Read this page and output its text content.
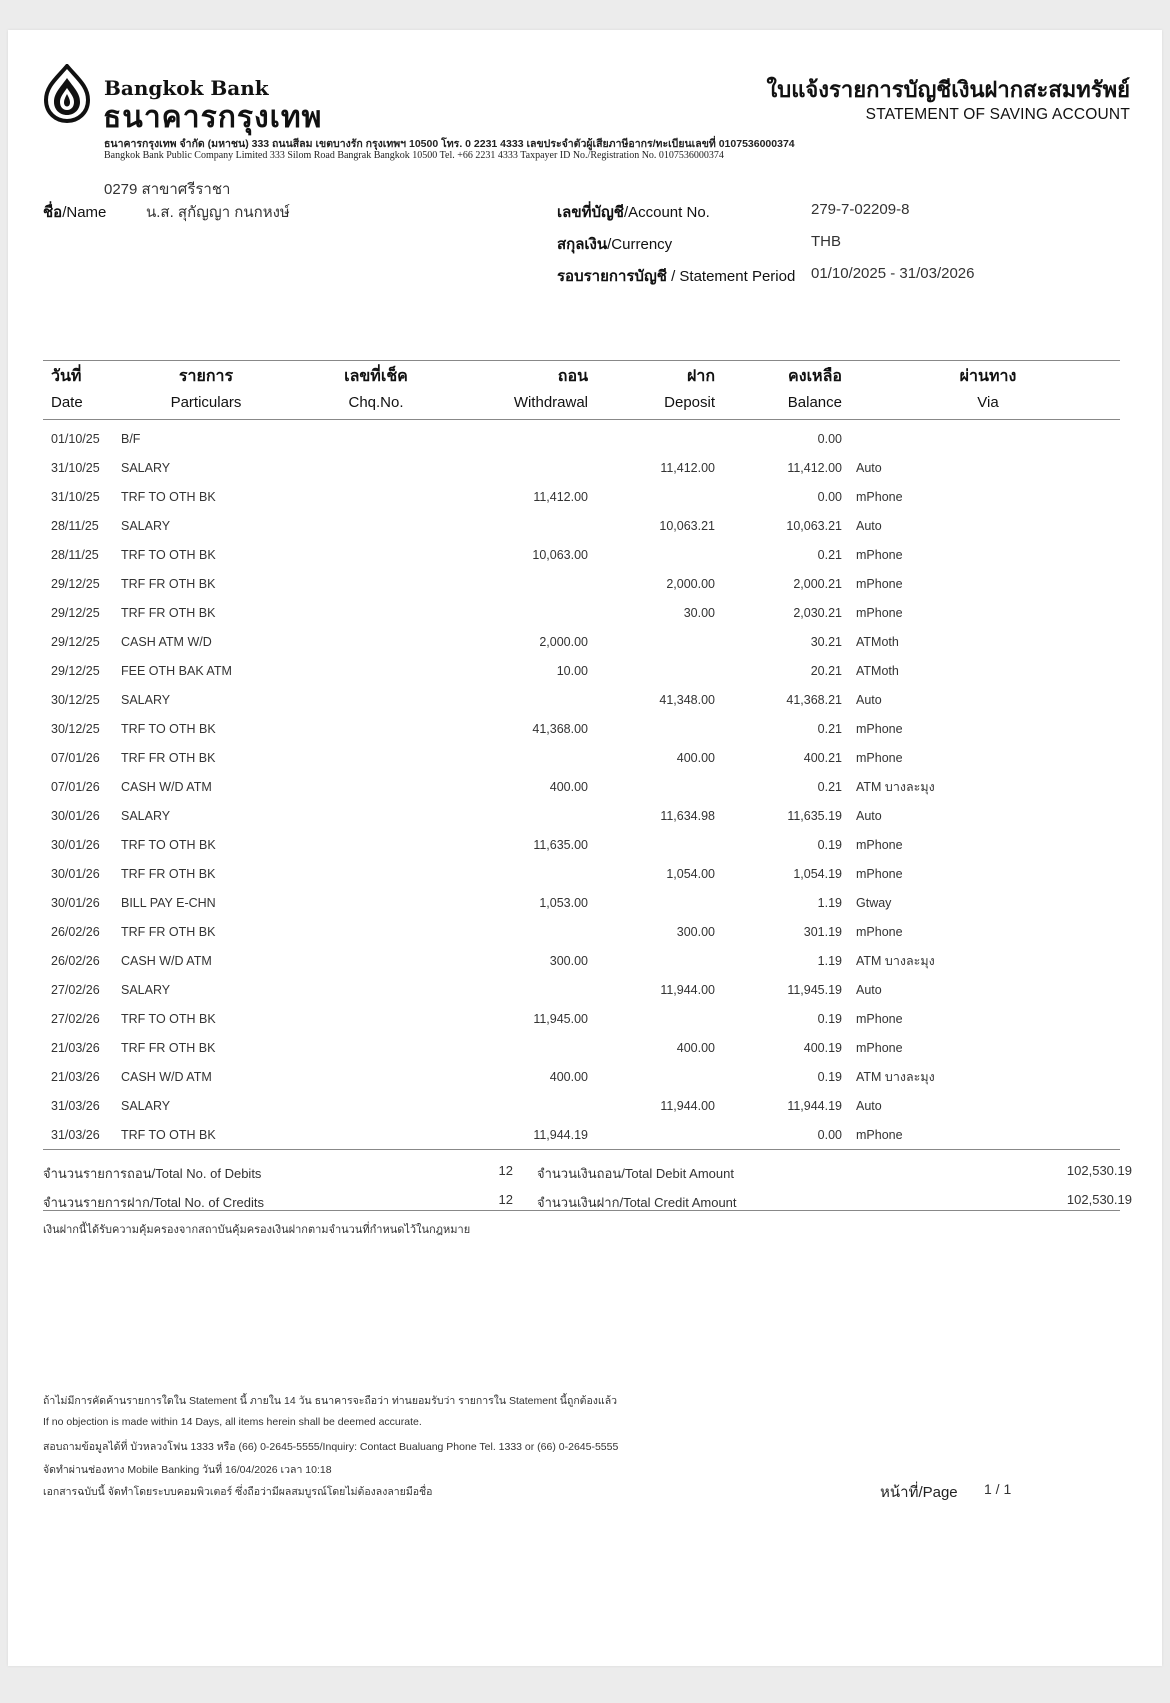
Bangkok Bank
ธนาคารกรุงเทพ
ธนาคารกรุงเทพ จำกัด (มหาชน) 333 ถนนสีลม เขตบางรัก กรุงเทพฯ 10500 โทร. 0 2231 4333 เลขประจำตัวผู้เสียภาษีอากร/ทะเบียนเลขที่ 0107536000374
Bangkok Bank Public Company Limited 333 Silom Road Bangrak Bangkok 10500 Tel. +66 2231 4333 Taxpayer ID No./Registration No. 0107536000374
0279 สาขาศรีราชา
ใบแจ้งรายการบัญชีเงินฝากสะสมทรัพย์
STATEMENT OF SAVING ACCOUNT
ชื่อ/Name	น.ส. สุกัญญา กนกหงษ์	เลขที่บัญชี/Account No.	279-7-02209-8
สกุลเงิน/Currency	THB
รอบรายการบัญชี / Statement Period 01/10/2025 - 31/03/2026
วันที่	รายการ	เลขที่เช็ค	ถอน	ฝาก	คงเหลือ	ผ่านทาง
Date	Particulars	Chq.No.	Withdrawal	Deposit	Balance	Via
01/10/25	B/F				0.00	
31/10/25	SALARY			11,412.00	11,412.00	Auto
31/10/25	TRF TO OTH BK		11,412.00		0.00	mPhone
28/11/25	SALARY			10,063.21	10,063.21	Auto
28/11/25	TRF TO OTH BK		10,063.00		0.21	mPhone
29/12/25	TRF FR OTH BK			2,000.00	2,000.21	mPhone
29/12/25	TRF FR OTH BK			30.00	2,030.21	mPhone
29/12/25	CASH ATM W/D		2,000.00		30.21	ATMoth
29/12/25	FEE OTH BAK ATM		10.00		20.21	ATMoth
30/12/25	SALARY			41,348.00	41,368.21	Auto
30/12/25	TRF TO OTH BK		41,368.00		0.21	mPhone
07/01/26	TRF FR OTH BK			400.00	400.21	mPhone
07/01/26	CASH W/D ATM		400.00		0.21	ATM บางละมุง
30/01/26	SALARY			11,634.98	11,635.19	Auto
30/01/26	TRF TO OTH BK		11,635.00		0.19	mPhone
30/01/26	TRF FR OTH BK			1,054.00	1,054.19	mPhone
30/01/26	BILL PAY E-CHN		1,053.00		1.19	Gtway
26/02/26	TRF FR OTH BK			300.00	301.19	mPhone
26/02/26	CASH W/D ATM		300.00		1.19	ATM บางละมุง
27/02/26	SALARY			11,944.00	11,945.19	Auto
27/02/26	TRF TO OTH BK		11,945.00		0.19	mPhone
21/03/26	TRF FR OTH BK			400.00	400.19	mPhone
21/03/26	CASH W/D ATM		400.00		0.19	ATM บางละมุง
31/03/26	SALARY			11,944.00	11,944.19	Auto
31/03/26	TRF TO OTH BK		11,944.19		0.00	mPhone
จำนวนรายการถอน/Total No. of Debits	12 จำนวนเงินถอน/Total Debit Amount	102,530.19
จำนวนรายการฝาก/Total No. of Credits	12 จำนวนเงินฝาก/Total Credit Amount	102,530.19
เงินฝากนี้ได้รับความคุ้มครองจากสถาบันคุ้มครองเงินฝากตามจำนวนที่กำหนดไว้ในกฎหมาย
ถ้าไม่มีการคัดค้านรายการใดใน Statement นี้ ภายใน 14 วัน ธนาคารจะถือว่า ท่านยอมรับว่า รายการใน Statement นี้ถูกต้องแล้ว
If no objection is made within 14 Days, all items herein shall be deemed accurate.
สอบถามข้อมูลได้ที่ บัวหลวงโฟน 1333 หรือ (66) 0-2645-5555/Inquiry: Contact Bualuang Phone Tel. 1333 or (66) 0-2645-5555
จัดทำผ่านช่องทาง Mobile Banking วันที่ 16/04/2026 เวลา 10:18
เอกสารฉบับนี้ จัดทำโดยระบบคอมพิวเตอร์ ซึ่งถือว่ามีผลสมบูรณ์โดยไม่ต้องลงลายมือชื่อ	หน้าที่/Page 1 / 1
